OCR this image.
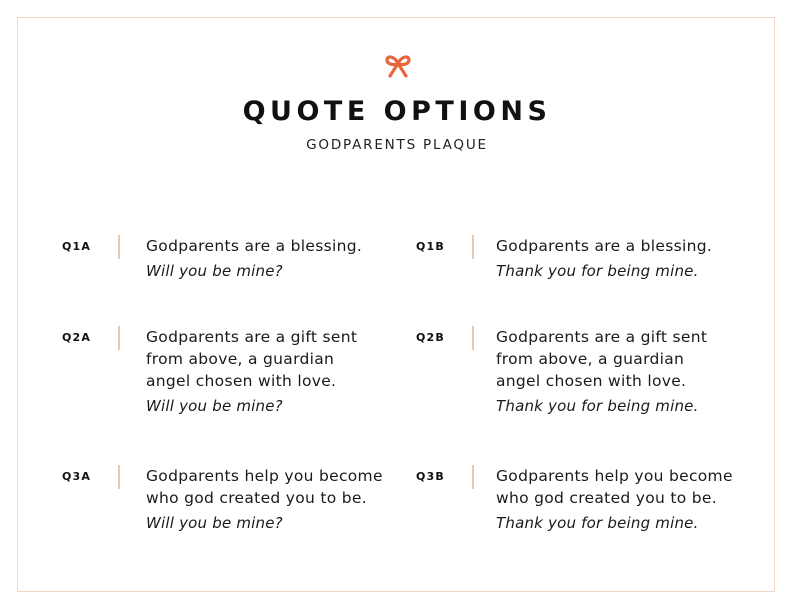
QUOTE OPTIONS
GODPARENTS PLAQUE
Q1A	Godparents are a blessing.
Will you be mine?
Q1B	Godparents are a blessing.
Thank you for being mine.
Q2A	Godparents are a gift sent
from above, a guardian
angel chosen with love.
Will you be mine?
Q2B	Godparents are a gift sent
from above, a guardian
angel chosen with love.
Thank you for being mine.
Q3A	Godparents help you become
who god created you to be.
Will you be mine?
Q3B	Godparents help you become
who god created you to be.
Thank you for being mine.
